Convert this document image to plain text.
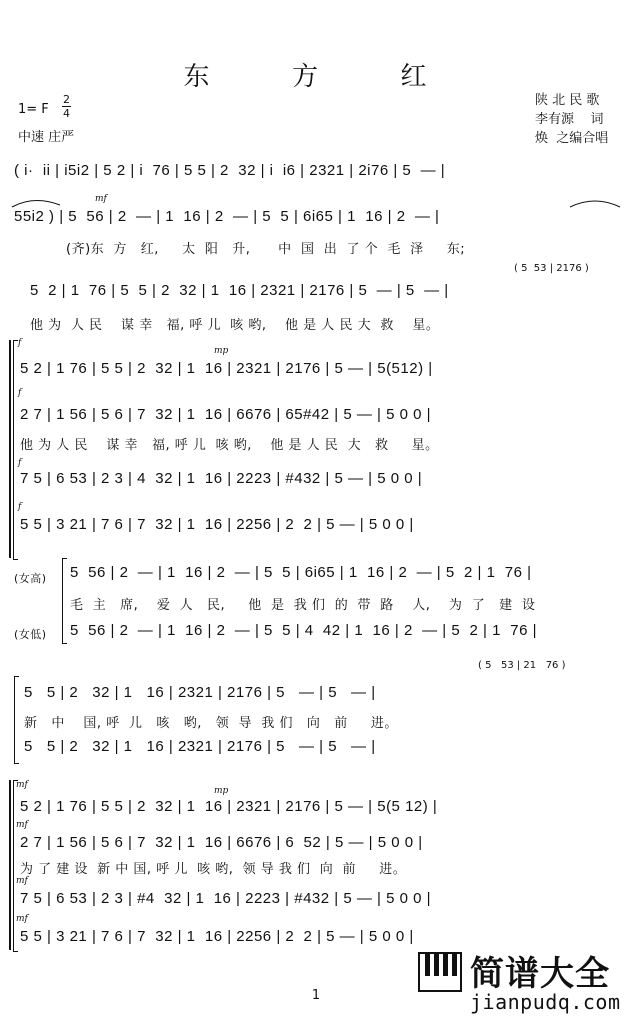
东  方  红
1= F
2
4
中速 庄严
陕 北 民 歌
李有源    词
焕  之编合唱
( i·  ii | i5i2 | 5 2 | i  76 | 5 5 | 2  32 | i  i6 | 2321 | 2i76 | 5  — |
mf
55i2 ) | 5  56 | 2  — | 1  16 | 2  — | 5  5 | 6i65 | 1  16 | 2  — |
(齐)东  方   红,     太  阳   升,      中  国  出  了 个  毛  泽     东;
( 5  53 | 2176 )
5  2 | 1  76 | 5  5 | 2  32 | 1  16 | 2321 | 2176 | 5  — | 5  — |
他 为  人 民    谋 幸   福, 呼 儿  咳 哟,    他 是 人 民 大  救    星。
f
mp
5 2 | 1 76 | 5 5 | 2  32 | 1  16 | 2321 | 2176 | 5 — | 5(512) |
f
2 7 | 1 56 | 5 6 | 7  32 | 1  16 | 6676 | 65#42 | 5 — | 5 0 0 |
他 为 人 民    谋 幸   福, 呼 儿  咳 哟,    他 是 人 民  大   救     星。
f
7 5 | 6 53 | 2 3 | 4  32 | 1  16 | 2223 | #432 | 5 — | 5 0 0 |
f
5 5 | 3 21 | 7 6 | 7  32 | 1  16 | 2256 | 2  2 | 5 — | 5 0 0 |
(女高)
(女低)
5  56 | 2  — | 1  16 | 2  — | 5  5 | 6i65 | 1  16 | 2  — | 5  2 | 1  76 |
毛  主   席,    爱  人   民,     他  是  我 们  的  带  路    人,    为  了   建  设
5  56 | 2  — | 1  16 | 2  — | 5  5 | 4  42 | 1  16 | 2  — | 5  2 | 1  76 |
( 5   53 | 21   76 )
5   5 | 2   32 | 1   16 | 2321 | 2176 | 5   — | 5   — |
新   中    国, 呼  儿   咳   哟,   领  导  我 们   向   前     进。
5   5 | 2   32 | 1   16 | 2321 | 2176 | 5   — | 5   — |
mf
mp
5 2 | 1 76 | 5 5 | 2  32 | 1  16 | 2321 | 2176 | 5 — | 5(5 12) |
mf
2 7 | 1 56 | 5 6 | 7  32 | 1  16 | 6676 | 6  52 | 5 — | 5 0 0 |
为 了 建 设  新 中 国, 呼 儿  咳 哟,  领 导 我 们  向  前     进。
mf
7 5 | 6 53 | 2 3 | #4  32 | 1  16 | 2223 | #432 | 5 — | 5 0 0 |
mf
5 5 | 3 21 | 7 6 | 7  32 | 1  16 | 2256 | 2  2 | 5 — | 5 0 0 |
1
简谱大全
jianpudq.com
